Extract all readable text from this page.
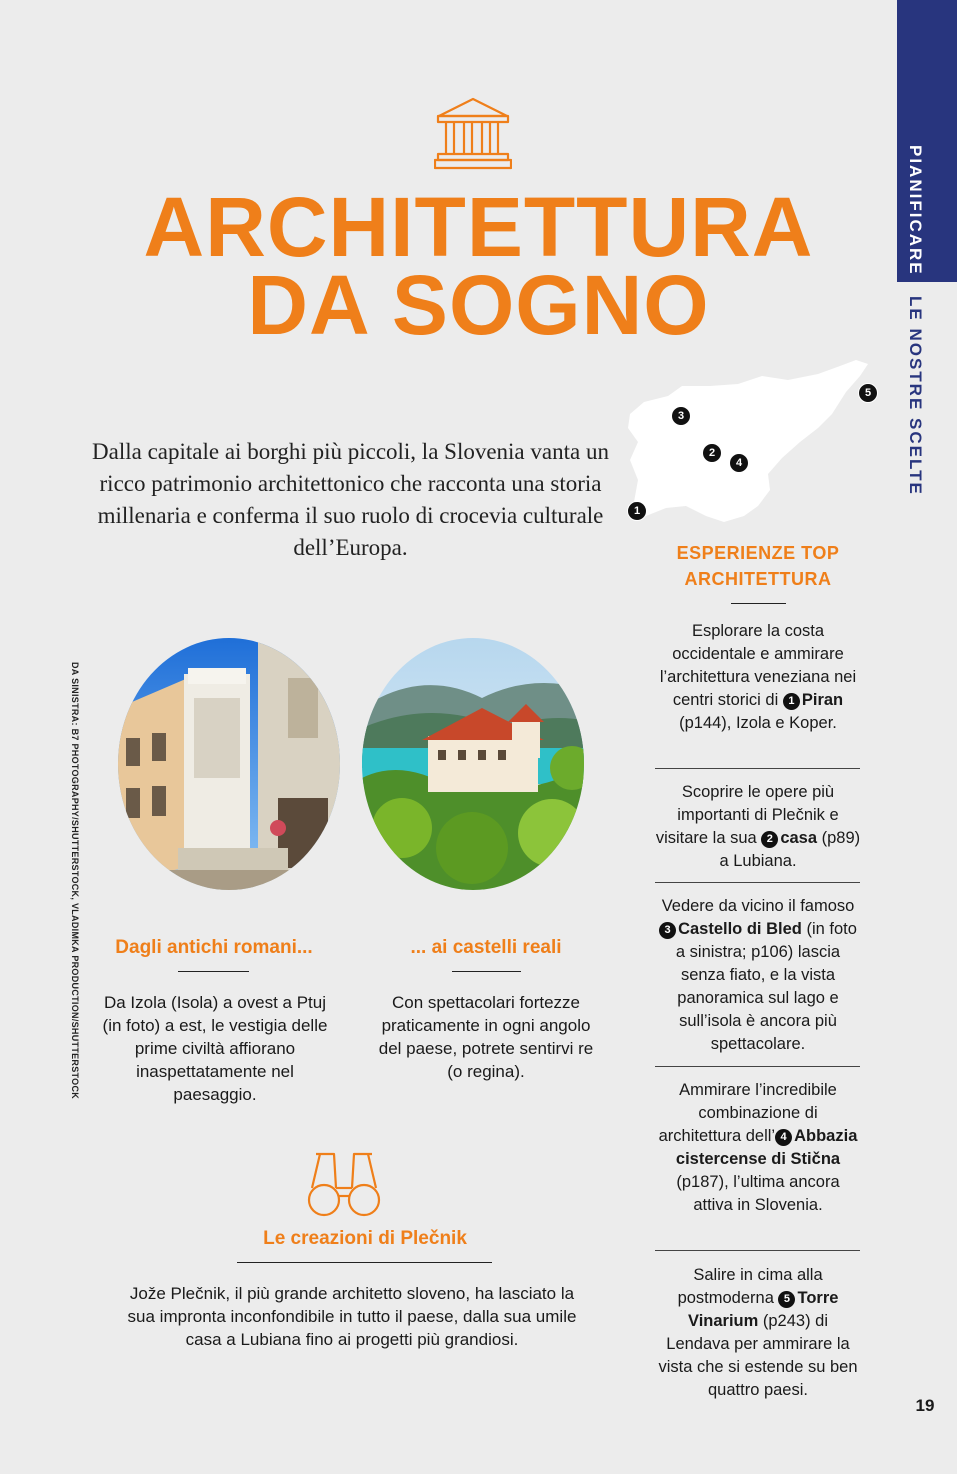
PIANIFICARE
LE NOSTRE SCELTE
DA SINISTRA: B7 PHOTOGRAPHY/SHUTTERSTOCK, VLADIMKA PRODUCTION/SHUTTERSTOCK
ARCHITETTURA
DA SOGNO
Dalla capitale ai borghi più piccoli, la Slovenia vanta un ricco patrimonio architettonico che racconta una storia millenaria e conferma il suo ruolo di crocevia culturale dell’Europa.
1
2
3
4
5
Dagli antichi romani...
Da Izola (Isola) a ovest a Ptuj (in foto) a est, le vestigia delle prime civiltà affiorano inaspettatamente nel paesaggio.
... ai castelli reali
Con spettacolari fortezze praticamente in ogni angolo del paese, potrete sentirvi re (o regina).
Le creazioni di Plečnik
Jože Plečnik, il più grande architetto sloveno, ha lasciato la sua impronta inconfondibile in tutto il paese, dalla sua umile casa a Lubiana fino ai progetti più grandiosi.
ESPERIENZE TOP
ARCHITETTURA
Esplorare la costa occidentale e ammirare l’architettura veneziana nei centri storici di 1 Piran (p144), Izola e Koper.
Scoprire le opere più importanti di Plečnik e visitare la sua 2 casa (p89) a Lubiana.
Vedere da vicino il famoso 3 Castello di Bled (in foto a sinistra; p106) lascia senza fiato, e la vista panoramica sul lago e sull’isola è ancora più spettacolare.
Ammirare l’incredibile combinazione di architettura dell’ 4 Abbazia cistercense di Stična (p187), l’ultima ancora attiva in Slovenia.
Salire in cima alla postmoderna 5 Torre Vinarium (p243) di Lendava per ammirare la vista che si estende su ben quattro paesi.
19
